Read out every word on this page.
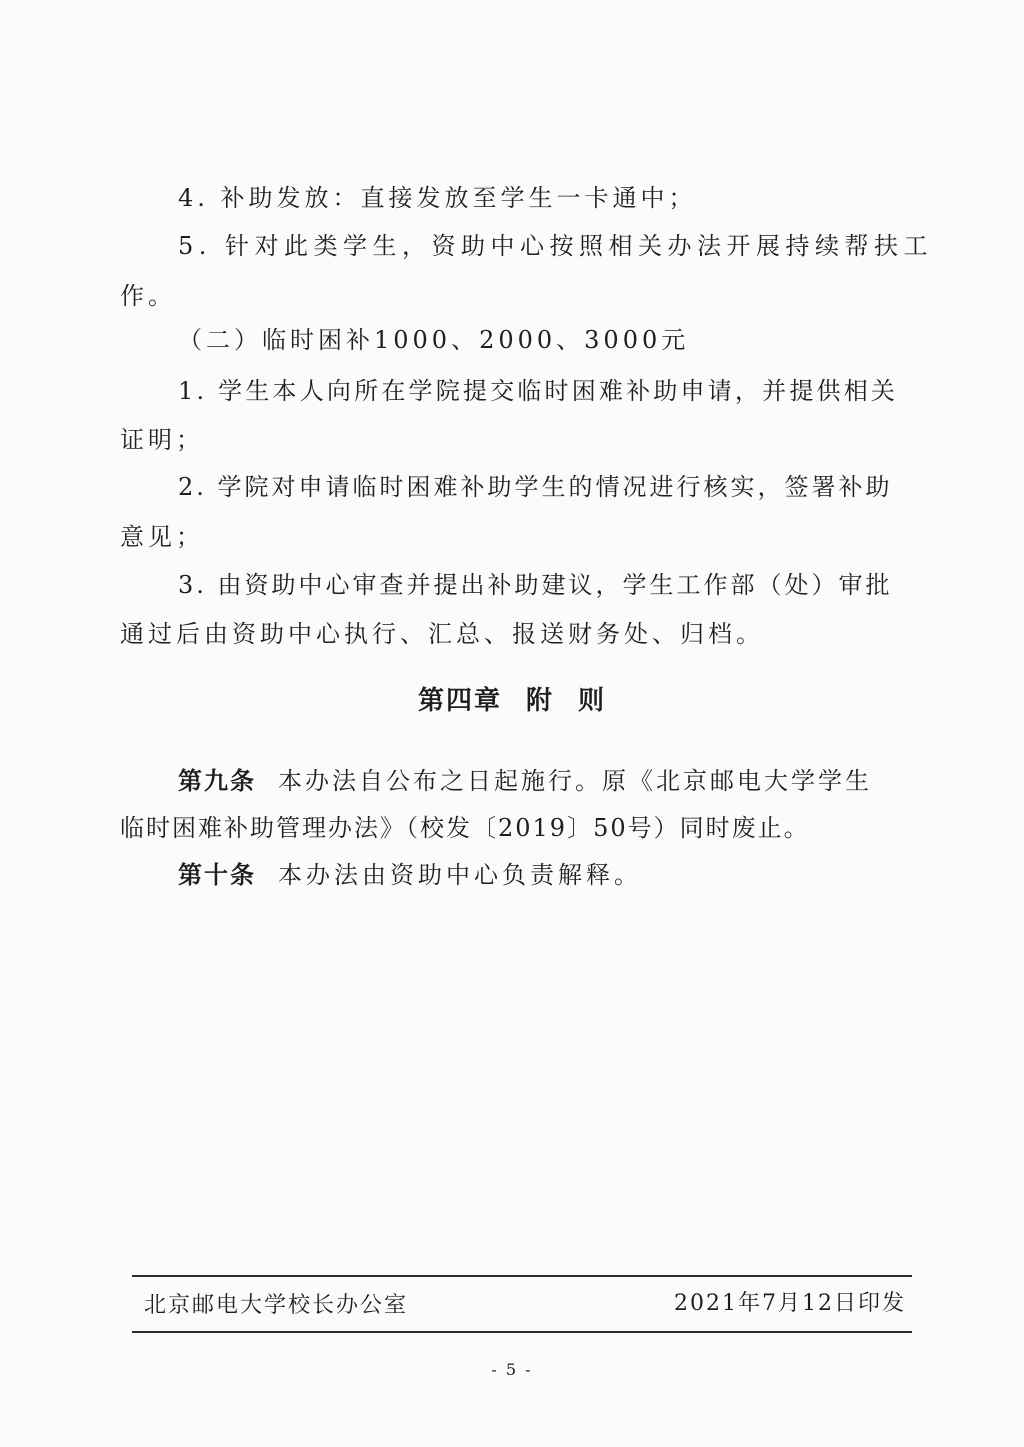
4. 补助发放：直接发放至学生一卡通中；
5. 针对此类学生，资助中心按照相关办法开展持续帮扶工
作。
（二）临时困补1000、2000、3000元
1. 学生本人向所在学院提交临时困难补助申请，并提供相关
证明；
2. 学院对申请临时困难补助学生的情况进行核实，签署补助
意见；
3. 由资助中心审查并提出补助建议，学生工作部（处）审批
通过后由资助中心执行、汇总、报送财务处、归档。
第四章 附 则
第九条 本办法自公布之日起施行。原《北京邮电大学学生
临时困难补助管理办法》（校发〔2019〕50号）同时废止。
第十条 本办法由资助中心负责解释。
北京邮电大学校长办公室	2021年7月12日印发
- 5 -
